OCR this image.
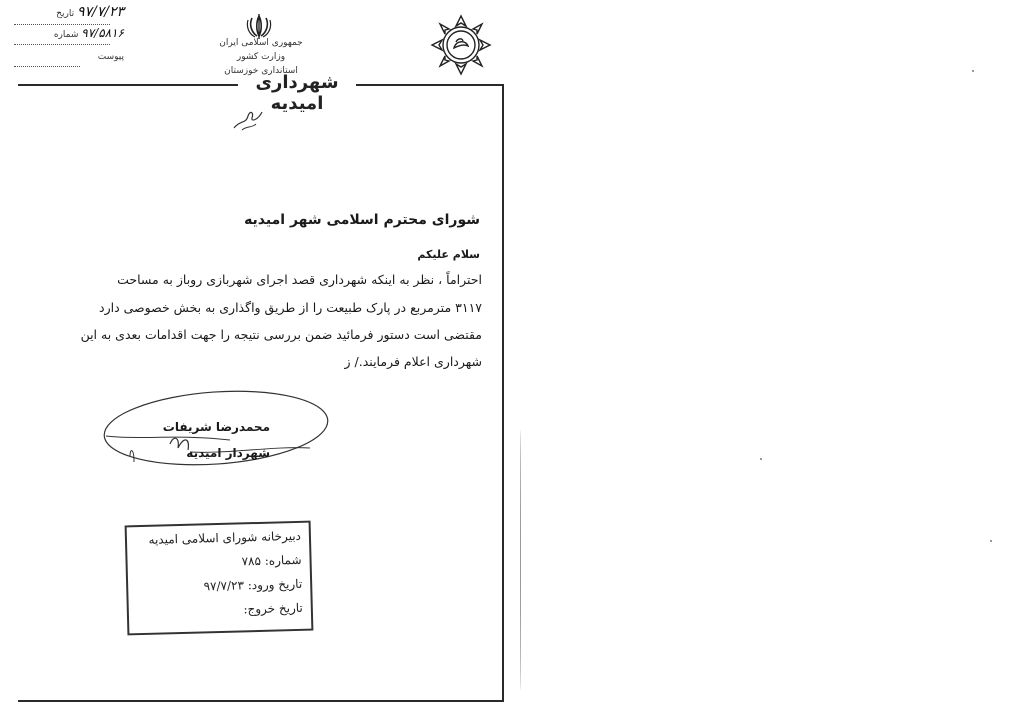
۹۷/۷/۲۳ تاریخ
۹۷/۵۸۱۶ شماره
پیوست
جمهوری اسلامی ایران
وزارت کشور
استانداری خوزستان
شهرداری امیدیه
شورای محترم اسلامی شهر امیدیه
سلام علیکم
احتراماً ، نظر به اینکه شهرداری قصد اجرای شهربازی روباز به مساحت
۳۱۱۷ مترمربع در پارک طبیعت را از طریق واگذاری به بخش خصوصی دارد
مقتضی است دستور فرمائید ضمن بررسی نتیجه را جهت اقدامات بعدی به این
شهرداری اعلام فرمایند./ ز
محمدرضا شریفات
شهردار امیدیه
دبیرخانه شورای اسلامی امیدیه
شماره: ۷۸۵
تاریخ ورود: ۹۷/۷/۲۳
تاریخ خروج:
